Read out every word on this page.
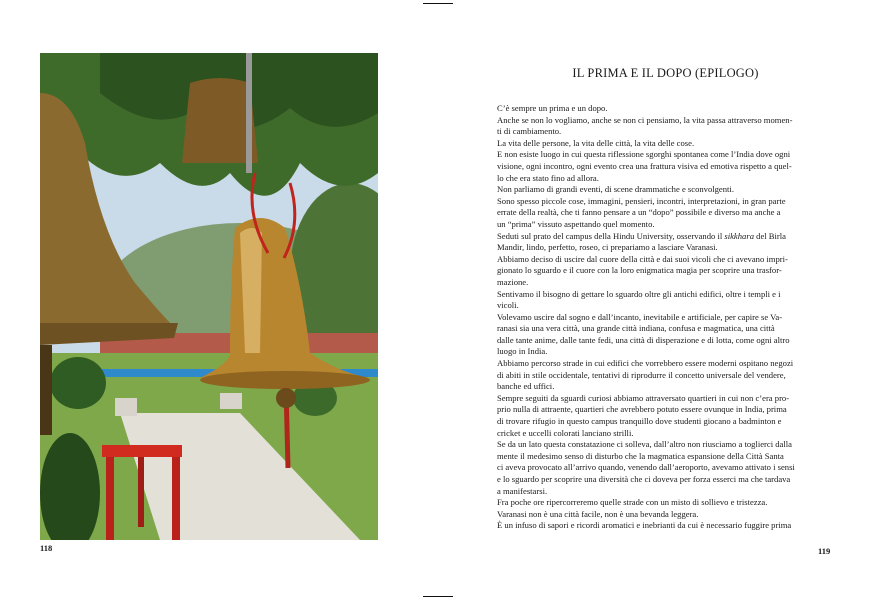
118
IL PRIMA E IL DOPO (EPILOGO)
C’è sempre un prima e un dopo.
Anche se non lo vogliamo, anche se non ci pensiamo, la vita passa attraverso momen-
ti di cambiamento.
La vita delle persone, la vita delle città, la vita delle cose.
E non esiste luogo in cui questa riflessione sgorghi spontanea come l’India dove ogni
visione, ogni incontro, ogni evento crea una frattura visiva ed emotiva rispetto a quel-
lo che era stato fino ad allora.
Non parliamo di grandi eventi, di scene drammatiche e sconvolgenti.
Sono spesso piccole cose, immagini, pensieri, incontri, interpretazioni, in gran parte
errate della realtà, che ti fanno pensare a un “dopo” possibile e diverso ma anche a
un “prima” vissuto aspettando quel momento.
Seduti sul prato del campus della Hindu University, osservando il sikkhara del Birla
Mandir, lindo, perfetto, roseo, ci prepariamo a lasciare Varanasi.
Abbiamo deciso di uscire dal cuore della città e dai suoi vicoli che ci avevano impri-
gionato lo sguardo e il cuore con la loro enigmatica magia per scoprire una trasfor-
mazione.
Sentivamo il bisogno di gettare lo sguardo oltre gli antichi edifici, oltre i templi e i
vicoli.
Volevamo uscire dal sogno e dall’incanto, inevitabile e artificiale, per capire se Va-
ranasi sia una vera città, una grande città indiana, confusa e magmatica, una città
dalle tante anime, dalle tante fedi, una città di disperazione e di lotta, come ogni altro
luogo in India.
Abbiamo percorso strade in cui edifici che vorrebbero essere moderni ospitano negozi
di abiti in stile occidentale, tentativi di riprodurre il concetto universale del vendere,
banche ed uffici.
Sempre seguiti da sguardi curiosi abbiamo attraversato quartieri in cui non c’era pro-
prio nulla di attraente, quartieri che avrebbero potuto essere ovunque in India, prima
di trovare rifugio in questo campus tranquillo dove studenti giocano a badminton e
cricket e uccelli colorati lanciano strilli.
Se da un lato questa constatazione ci solleva, dall’altro non riusciamo a toglierci dalla
mente il medesimo senso di disturbo che la magmatica espansione della Città Santa
ci aveva provocato all’arrivo quando, venendo dall’aeroporto, avevamo attivato i sensi
e lo sguardo per scoprire una diversità che ci doveva per forza esserci ma che tardava
a manifestarsi.
Fra poche ore ripercorreremo quelle strade con un misto di sollievo e tristezza.
Varanasi non è una città facile, non è una bevanda leggera.
È un infuso di sapori e ricordi aromatici e inebrianti da cui è necessario fuggire prima
119
